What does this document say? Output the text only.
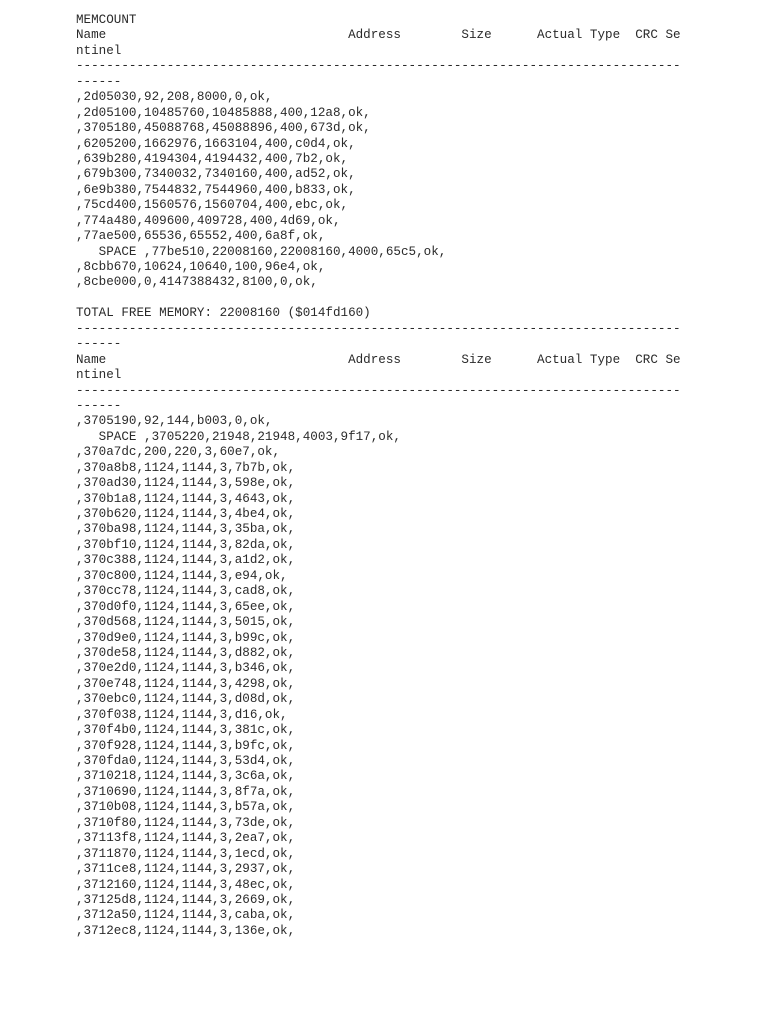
MEMCOUNT
Name                                Address        Size      Actual Type  CRC Se
ntinel
--------------------------------------------------------------------------------
------
,2d05030,92,208,8000,0,ok,
,2d05100,10485760,10485888,400,12a8,ok,
,3705180,45088768,45088896,400,673d,ok,
,6205200,1662976,1663104,400,c0d4,ok,
,639b280,4194304,4194432,400,7b2,ok,
,679b300,7340032,7340160,400,ad52,ok,
,6e9b380,7544832,7544960,400,b833,ok,
,75cd400,1560576,1560704,400,ebc,ok,
,774a480,409600,409728,400,4d69,ok,
,77ae500,65536,65552,400,6a8f,ok,
SPACE ,77be510,22008160,22008160,4000,65c5,ok,
,8cbb670,10624,10640,100,96e4,ok,
,8cbe000,0,4147388432,8100,0,ok,
TOTAL FREE MEMORY: 22008160 ($014fd160)
--------------------------------------------------------------------------------
------
Name                                Address        Size      Actual Type  CRC Se
ntinel
--------------------------------------------------------------------------------
------
,3705190,92,144,b003,0,ok,
SPACE ,3705220,21948,21948,4003,9f17,ok,
,370a7dc,200,220,3,60e7,ok,
,370a8b8,1124,1144,3,7b7b,ok,
,370ad30,1124,1144,3,598e,ok,
,370b1a8,1124,1144,3,4643,ok,
,370b620,1124,1144,3,4be4,ok,
,370ba98,1124,1144,3,35ba,ok,
,370bf10,1124,1144,3,82da,ok,
,370c388,1124,1144,3,a1d2,ok,
,370c800,1124,1144,3,e94,ok,
,370cc78,1124,1144,3,cad8,ok,
,370d0f0,1124,1144,3,65ee,ok,
,370d568,1124,1144,3,5015,ok,
,370d9e0,1124,1144,3,b99c,ok,
,370de58,1124,1144,3,d882,ok,
,370e2d0,1124,1144,3,b346,ok,
,370e748,1124,1144,3,4298,ok,
,370ebc0,1124,1144,3,d08d,ok,
,370f038,1124,1144,3,d16,ok,
,370f4b0,1124,1144,3,381c,ok,
,370f928,1124,1144,3,b9fc,ok,
,370fda0,1124,1144,3,53d4,ok,
,3710218,1124,1144,3,3c6a,ok,
,3710690,1124,1144,3,8f7a,ok,
,3710b08,1124,1144,3,b57a,ok,
,3710f80,1124,1144,3,73de,ok,
,37113f8,1124,1144,3,2ea7,ok,
,3711870,1124,1144,3,1ecd,ok,
,3711ce8,1124,1144,3,2937,ok,
,3712160,1124,1144,3,48ec,ok,
,37125d8,1124,1144,3,2669,ok,
,3712a50,1124,1144,3,caba,ok,
,3712ec8,1124,1144,3,136e,ok,
